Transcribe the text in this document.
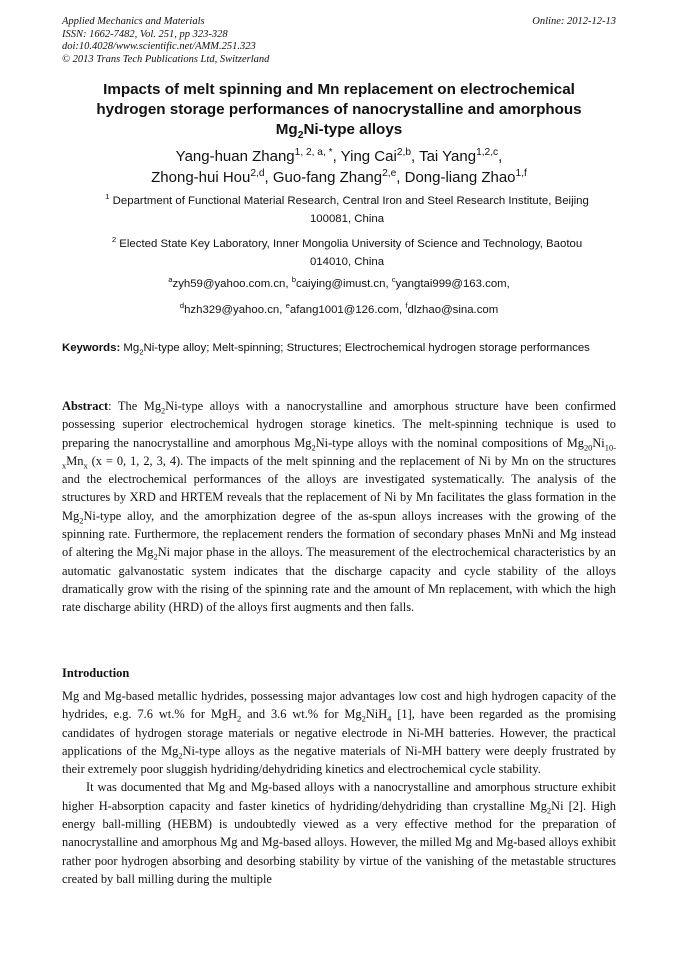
Applied Mechanics and Materials
ISSN: 1662-7482, Vol. 251, pp 323-328
doi:10.4028/www.scientific.net/AMM.251.323
© 2013 Trans Tech Publications Ltd, Switzerland
Online: 2012-12-13
Impacts of melt spinning and Mn replacement on electrochemical
hydrogen storage performances of nanocrystalline and amorphous
$Mg_2Ni$-type alloys
Yang-huan Zhang$^{1, 2, a, *}$, Ying Cai$^{2,b}$, Tai Yang$^{1,2,c}$,
Zhong-hui Hou$^{2,d}$, Guo-fang Zhang$^{2,e}$, Dong-liang Zhao$^{1,f}$
$^1$ Department of Functional Material Research, Central Iron and Steel Research Institute, Beijing
100081, China
$^2$ Elected State Key Laboratory, Inner Mongolia University of Science and Technology, Baotou
014010, China
$^a$zyh59@yahoo.com.cn, $^b$caiying@imust.cn, $^c$yangtai999@163.com,
$^d$hzh329@yahoo.cn, $^e$afang1001@126.com, $^f$dlzhao@sina.com
Keywords: $Mg_2Ni$-type alloy; Melt-spinning; Structures; Electrochemical hydrogen storage performances
Abstract: The $Mg_2Ni$-type alloys with a nanocrystalline and amorphous structure have been confirmed possessing superior electrochemical hydrogen storage kinetics. The melt-spinning technique is used to preparing the nanocrystalline and amorphous $Mg_2Ni$-type alloys with the nominal compositions of $Mg_{20}Ni_{10-x}Mn_x$ (x = 0, 1, 2, 3, 4). The impacts of the melt spinning and the replacement of Ni by Mn on the structures and the electrochemical performances of the alloys are investigated systematically. The analysis of the structures by XRD and HRTEM reveals that the replacement of Ni by Mn facilitates the glass formation in the $Mg_2Ni$-type alloy, and the amorphization degree of the as-spun alloys increases with the growing of the spinning rate. Furthermore, the replacement renders the formation of secondary phases MnNi and Mg instead of altering the $Mg_2Ni$ major phase in the alloys. The measurement of the electrochemical characteristics by an automatic galvanostatic system indicates that the discharge capacity and cycle stability of the alloys dramatically grow with the rising of the spinning rate and the amount of Mn replacement, with which the high rate discharge ability (HRD) of the alloys first augments and then falls.
Introduction

Mg and Mg-based metallic hydrides, possessing major advantages low cost and high hydrogen capacity of the hydrides, e.g. 7.6 wt.% for MgH$_2$ and 3.6 wt.% for $Mg_2NiH_4$ [1], have been regarded as the promising candidates of hydrogen storage materials or negative electrode in Ni-MH batteries. However, the practical applications of the $Mg_2Ni$-type alloys as the negative materials of Ni-MH battery were deeply frustrated by their extremely poor sluggish hydriding/dehydriding kinetics and electrochemical cycle stability.

It was documented that Mg and Mg-based alloys with a nanocrystalline and amorphous structure exhibit higher H-absorption capacity and faster kinetics of hydriding/dehydriding than crystalline $Mg_2Ni$ [2]. High energy ball-milling (HEBM) is undoubtedly viewed as a very effective method for the preparation of nanocrystalline and amorphous Mg and Mg-based alloys. However, the milled Mg and Mg-based alloys exhibit rather poor hydrogen absorbing and desorbing stability by virtue of the vanishing of the metastable structures created by ball milling during the multiple
